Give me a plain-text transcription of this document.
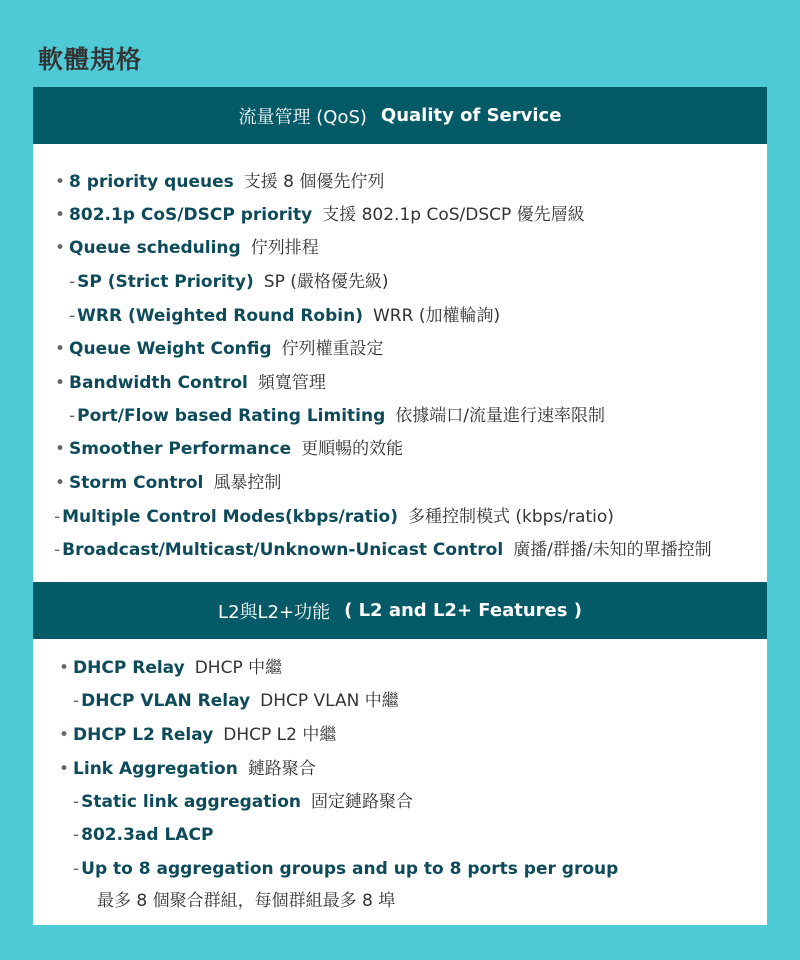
軟體規格
流量管理 (QoS) Quality of Service
• 8 priority queues 支援 8 個優先佇列
• 802.1p CoS/DSCP priority 支援 802.1p CoS/DSCP 優先層級
• Queue scheduling 佇列排程
- SP (Strict Priority) SP (嚴格優先級)
- WRR (Weighted Round Robin) WRR (加權輪詢)
• Queue Weight Config 佇列權重設定
• Bandwidth Control 頻寬管理
- Port/Flow based Rating Limiting 依據端口/流量進行速率限制
• Smoother Performance 更順暢的效能
• Storm Control 風暴控制
- Multiple Control Modes(kbps/ratio) 多種控制模式 (kbps/ratio)
- Broadcast/Multicast/Unknown-Unicast Control 廣播/群播/未知的單播控制
L2與L2+功能 ( L2 and L2+ Features )
• DHCP Relay DHCP 中繼
- DHCP VLAN Relay DHCP VLAN 中繼
• DHCP L2 Relay DHCP L2 中繼
• Link Aggregation 鏈路聚合
- Static link aggregation 固定鏈路聚合
- 802.3ad LACP
- Up to 8 aggregation groups and up to 8 ports per group
最多 8 個聚合群組，每個群組最多 8 埠
